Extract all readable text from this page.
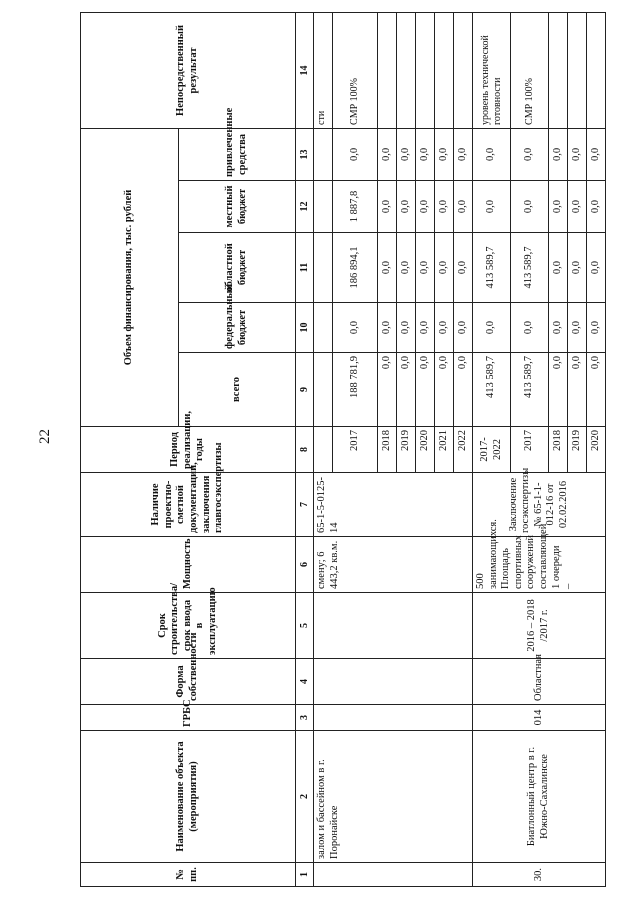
22
№ пп.	Наименование объекта (мероприятия)	ГРБС	Форма собственности	Срок строительства/срок ввода в эксплуатацию	Мощность	Наличие проектно-сметной документации, заключения главгосэкспертизы	Период реализации, годы	Объем финансирования, тыс. рублей					Непосредственный результат
								всего	федеральный бюджет	областной бюджет	местный бюджет	привлеченные средства	
1	2	3	4	5	6	7	8	9	10	11	12	13	14
	залом и бассейном в г. Поронайске				смену; 6 443,2 кв.м.	65-1-5-0125-14							сти
							2017	188 781,9	0,0	186 894,1	1 887,8	0,0	СМР 100%
							2018	0,0	0,0	0,0	0,0	0,0	
							2019	0,0	0,0	0,0	0,0	0,0	
							2020	0,0	0,0	0,0	0,0	0,0	
							2021	0,0	0,0	0,0	0,0	0,0	
							2022	0,0	0,0	0,0	0,0	0,0	
30.	Биатлонный центр в г. Южно-Сахалинске	014	Областная	2016 – 2018 /2017 г.	500 занимающихся. Площадь спортивных сооружений составляющей 1 очереди –	Заключение госэкспертизы № 65-1-1-012-16 от 02.02.2016	2017-2022	413 589,7	0,0	413 589,7	0,0	0,0	уровень технической готовности
							2017	413 589,7	0,0	413 589,7	0,0	0,0	СМР 100%
							2018	0,0	0,0	0,0	0,0	0,0	
							2019	0,0	0,0	0,0	0,0	0,0	
							2020	0,0	0,0	0,0	0,0	0,0	
